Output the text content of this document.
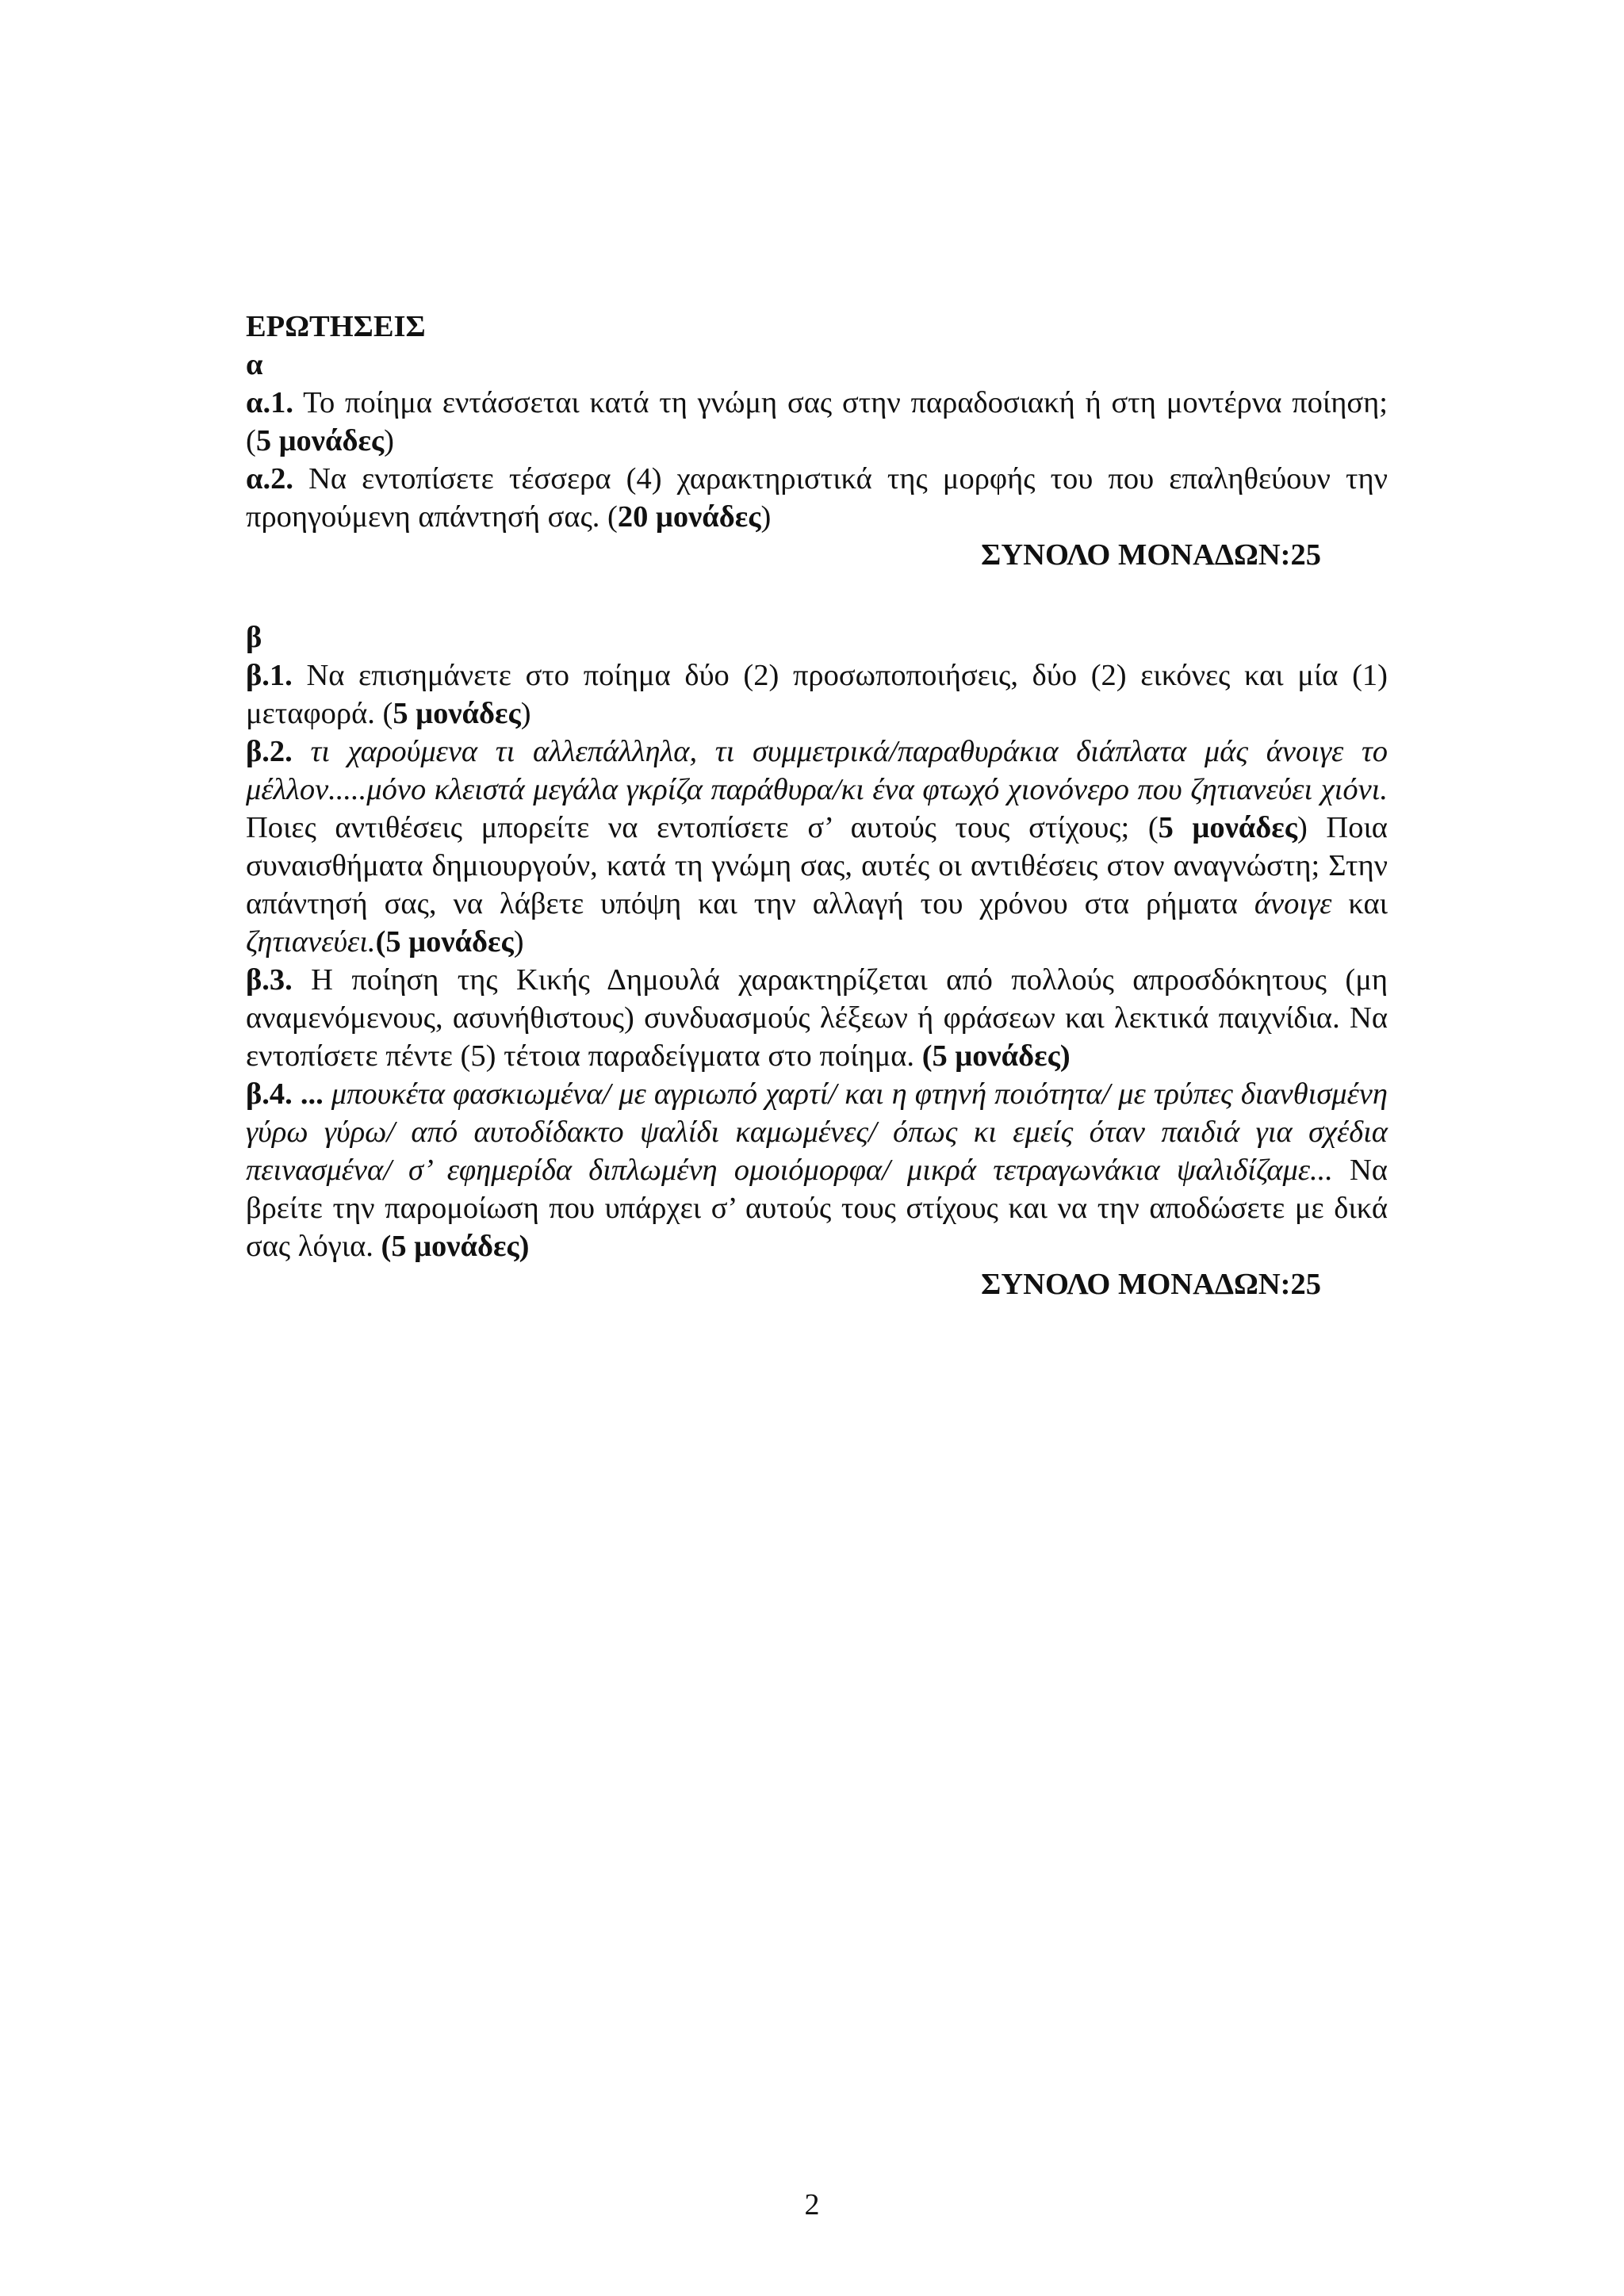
ΕΡΩΤΗΣΕΙΣ

α

α.1. Το ποίημα εντάσσεται κατά τη γνώμη σας στην παραδοσιακή ή στη μοντέρνα ποίηση; (5 μονάδες)

α.2. Να εντοπίσετε τέσσερα (4) χαρακτηριστικά της μορφής του που επαληθεύουν την προηγούμενη απάντησή σας. (20 μονάδες)

ΣΥΝΟΛΟ ΜΟΝΑΔΩΝ:25

β

β.1. Να επισημάνετε στο ποίημα δύο (2) προσωποποιήσεις, δύο (2) εικόνες και μία (1) μεταφορά. (5 μονάδες)

β.2. τι χαρούμενα τι αλλεπάλληλα, τι συμμετρικά/παραθυράκια διάπλατα μάς άνοιγε το μέλλον.....μόνο κλειστά μεγάλα γκρίζα παράθυρα/κι ένα φτωχό χιονόνερο που ζητιανεύει χιόνι. Ποιες αντιθέσεις μπορείτε να εντοπίσετε σ’ αυτούς τους στίχους; (5 μονάδες) Ποια συναισθήματα δημιουργούν, κατά τη γνώμη σας, αυτές οι αντιθέσεις στον αναγνώστη; Στην απάντησή σας, να λάβετε υπόψη και την αλλαγή του χρόνου στα ρήματα άνοιγε και ζητιανεύει.(5 μονάδες)

β.3. Η ποίηση της Κικής Δημουλά χαρακτηρίζεται από πολλούς απροσδόκητους (μη αναμενόμενους, ασυνήθιστους) συνδυασμούς λέξεων ή φράσεων και λεκτικά παιχνίδια. Να εντοπίσετε πέντε (5) τέτοια παραδείγματα στο ποίημα. (5 μονάδες)

β.4. ... μπουκέτα φασκιωμένα/ με αγριωπό χαρτί/ και η φτηνή ποιότητα/ με τρύπες διανθισμένη γύρω γύρω/ από αυτοδίδακτο ψαλίδι καμωμένες/ όπως κι εμείς όταν παιδιά για σχέδια πεινασμένα/ σ’ εφημερίδα διπλωμένη ομοιόμορφα/ μικρά τετραγωνάκια ψαλιδίζαμε... Να βρείτε την παρομοίωση που υπάρχει σ’ αυτούς τους στίχους και να την αποδώσετε με δικά σας λόγια. (5 μονάδες)

ΣΥΝΟΛΟ ΜΟΝΑΔΩΝ:25

2
